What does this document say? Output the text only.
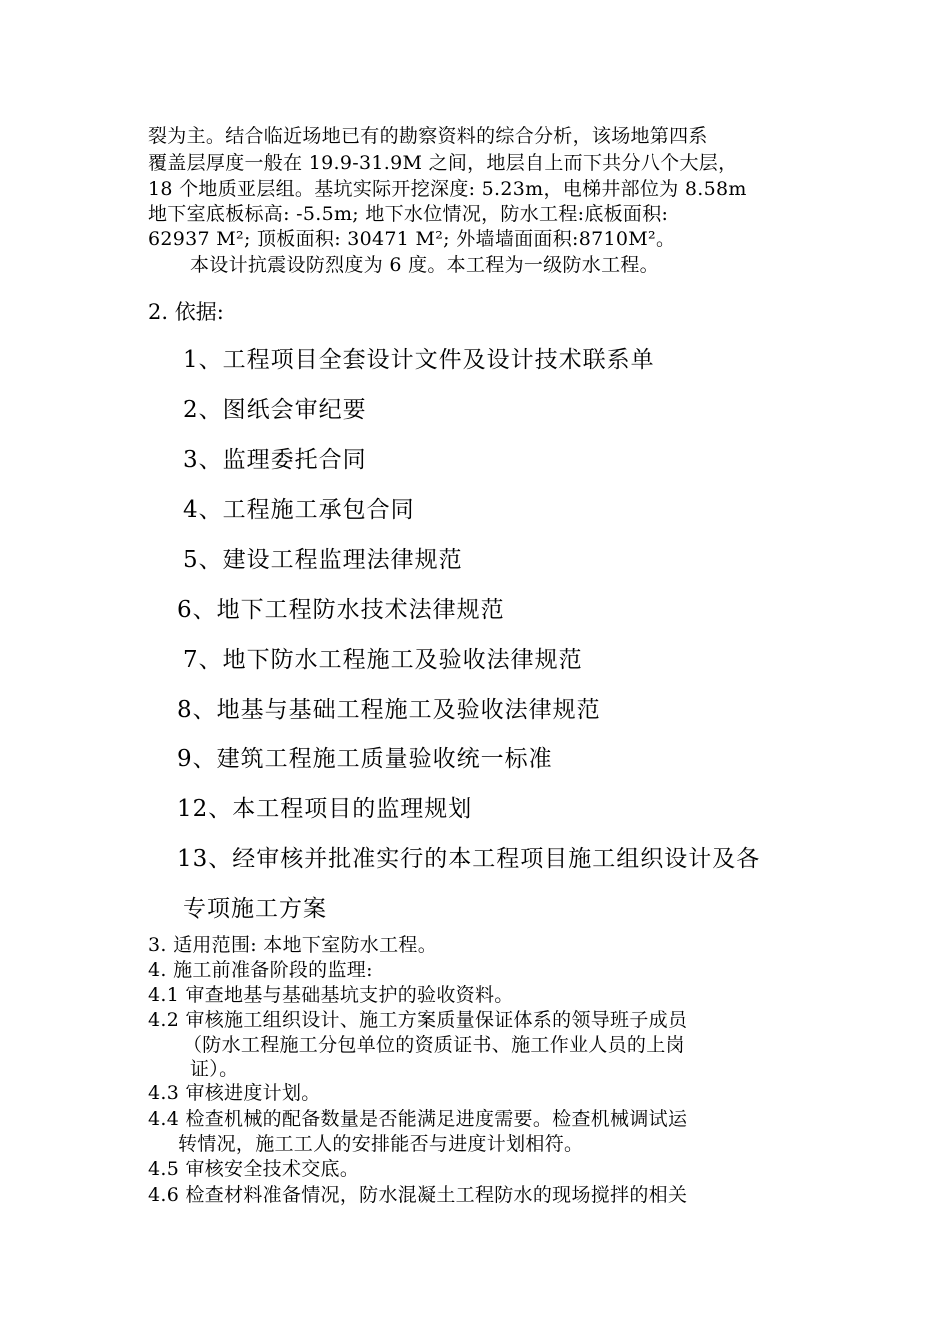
裂为主。结合临近场地已有的勘察资料的综合分析，该场地第四系
覆盖层厚度一般在 19.9-31.9M 之间，地层自上而下共分八个大层，
18 个地质亚层组。基坑实际开挖深度: 5.23m，电梯井部位为 8.58m
地下室底板标高: -5.5m; 地下水位情况，防水工程:底板面积:
62937 M²; 顶板面积: 30471 M²; 外墙墙面面积:8710M²。
本设计抗震设防烈度为 6 度。本工程为一级防水工程。
2. 依据:
1、工程项目全套设计文件及设计技术联系单
2、图纸会审纪要
3、监理委托合同
4、工程施工承包合同
5、建设工程监理法律规范
6、地下工程防水技术法律规范
7、地下防水工程施工及验收法律规范
8、地基与基础工程施工及验收法律规范
9、建筑工程施工质量验收统一标准
12、本工程项目的监理规划
13、经审核并批准实行的本工程项目施工组织设计及各
专项施工方案
3. 适用范围: 本地下室防水工程。
4. 施工前准备阶段的监理:
4.1 审查地基与基础基坑支护的验收资料。
4.2 审核施工组织设计、施工方案质量保证体系的领导班子成员
（防水工程施工分包单位的资质证书、施工作业人员的上岗
证）。
4.3 审核进度计划。
4.4 检查机械的配备数量是否能满足进度需要。检查机械调试运
转情况，施工工人的安排能否与进度计划相符。
4.5 审核安全技术交底。
4.6 检查材料准备情况，防水混凝土工程防水的现场搅拌的相关
